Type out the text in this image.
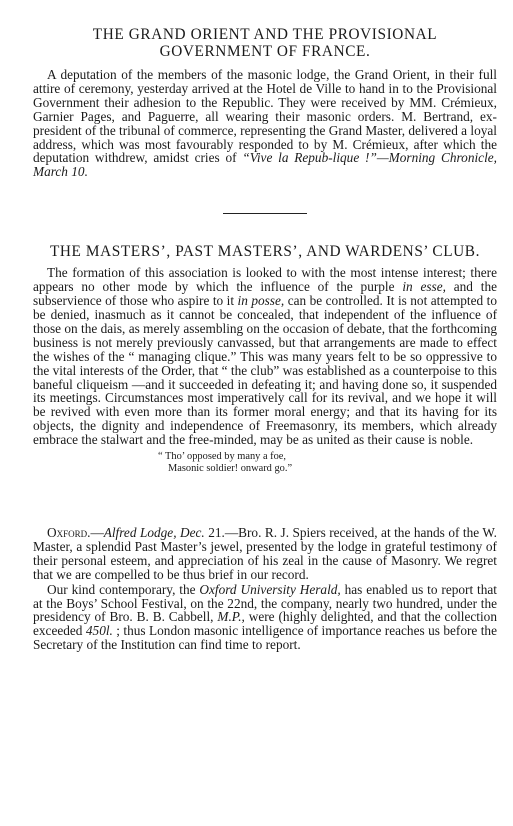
THE GRAND ORIENT AND THE PROVISIONAL
GOVERNMENT OF FRANCE.

A deputation of the members of the masonic lodge, the Grand Orient, in their full attire of ceremony, yesterday arrived at the Hotel de Ville to hand in to the Provisional Government their adhesion to the Republic. They were received by MM. Crémieux, Garnier Pages, and Paguerre, all wearing their masonic orders. M. Bertrand, ex-president of the tribunal of commerce, representing the Grand Master, delivered a loyal address, which was most favourably responded to by M. Crémieux, after which the deputation withdrew, amidst cries of “Vive la Repub-lique !”—Morning Chronicle, March 10.

THE MASTERS’, PAST MASTERS’, AND WARDENS’ CLUB.

The formation of this association is looked to with the most intense interest; there appears no other mode by which the influence of the purple in esse, and the subservience of those who aspire to it in posse, can be controlled. It is not attempted to be denied, inasmuch as it cannot be concealed, that independent of the influence of those on the dais, as merely assembling on the occasion of debate, that the forthcoming business is not merely previously canvassed, but that arrangements are made to effect the wishes of the “ managing clique.” This was many years felt to be so oppressive to the vital interests of the Order, that “ the club” was established as a counterpoise to this baneful cliqueism —and it succeeded in defeating it; and having done so, it suspended its meetings. Circumstances most imperatively call for its revival, and we hope it will be revived with even more than its former moral energy; and that its having for its objects, the dignity and independence of Freemasonry, its members, which already embrace the stalwart and the free-minded, may be as united as their cause is noble.

“ Tho’ opposed by many a foe,
Masonic soldier! onward go.”

Oxford.—Alfred Lodge, Dec. 21.—Bro. R. J. Spiers received, at the hands of the W. Master, a splendid Past Master’s jewel, presented by the lodge in grateful testimony of their personal esteem, and appreciation of his zeal in the cause of Masonry. We regret that we are compelled to be thus brief in our record.

Our kind contemporary, the Oxford University Herald, has enabled us to report that at the Boys’ School Festival, on the 22nd, the company, nearly two hundred, under the presidency of Bro. B. B. Cabbell, M.P., were (highly delighted, and that the collection exceeded 450l. ; thus London masonic intelligence of importance reaches us before the Secretary of the Institution can find time to report.
